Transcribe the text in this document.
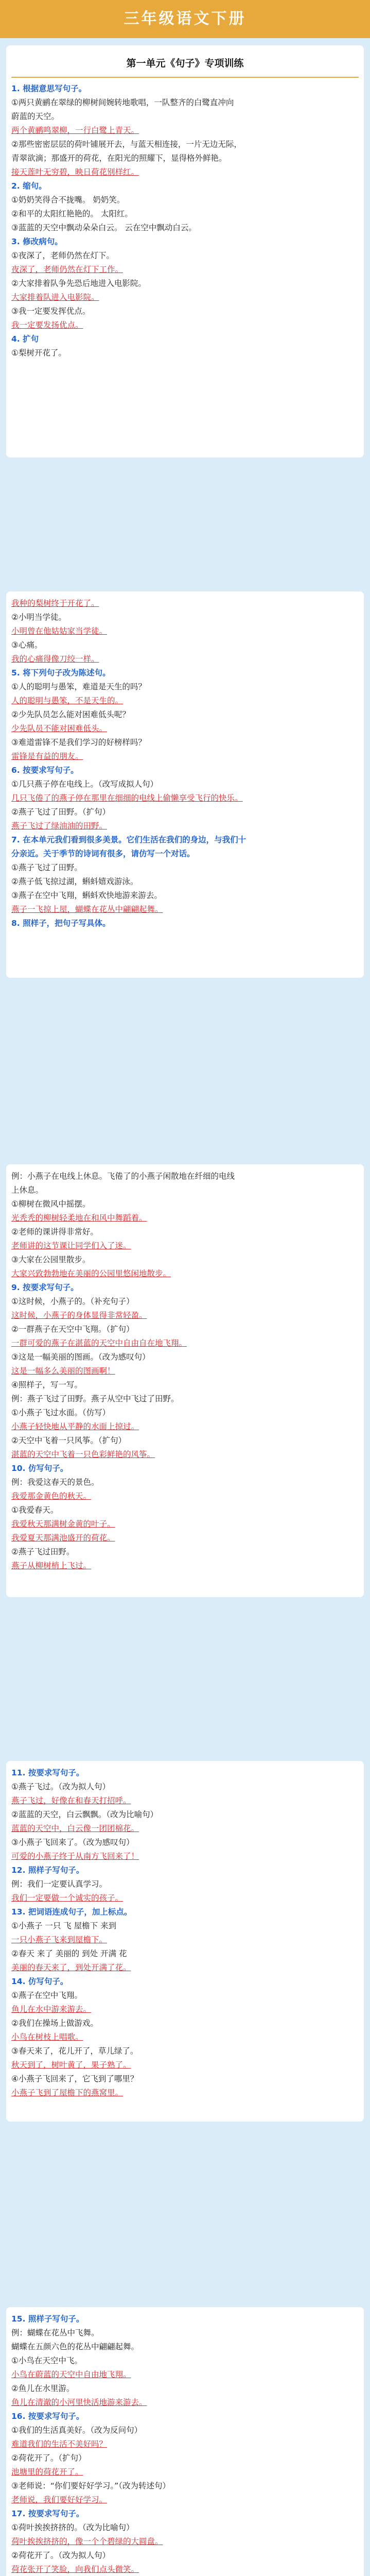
三年级语文下册
第一单元《句子》专项训练
1. 根据意思写句子。
①两只黄鹂在翠绿的柳树间婉转地歌唱，一队整齐的白鹭直冲向
蔚蓝的天空。
两个黄鹂鸣翠柳，一行白鹭上青天。
②那些密密层层的荷叶铺展开去，与蓝天相连接，一片无边无际，
青翠欲滴；那盛开的荷花，在阳光的照耀下，显得格外鲜艳。
接天莲叶无穷碧，映日荷花别样红。
2. 缩句。
①奶奶笑得合不拢嘴。 奶奶笑。
②和平的太阳红艳艳的。 太阳红。
③蓝蓝的天空中飘动朵朵白云。 云在空中飘动白云。
3. 修改病句。
①夜深了，老师仍然在灯下。
夜深了，老师仍然在灯下工作。
②大家排着队争先恐后地进入电影院。
大家排着队进入电影院。
③我一定要发挥优点。
我一定要发扬优点。
4. 扩句
①梨树开花了。
我种的梨树终于开花了。
②小明当学徒。
小明曾在他姑姑家当学徒。
③心痛。
我的心痛得像刀绞一样。
5. 将下列句子改为陈述句。
①人的聪明与愚笨，难道是天生的吗？
人的聪明与愚笨，不是天生的。
②少先队员怎么能对困难低头呢？
少先队员不能对困难低头。
③难道雷锋不是我们学习的好榜样吗？
雷锋是有益的朋友。
6. 按要求写句子。
①几只燕子停在电线上。（改写成拟人句）
几只飞倦了的燕子停在那里在细细的电线上偷懒享受飞行的快乐。
②燕子飞过了田野。（扩句）
燕子飞过了绿油油的田野。
7. 在本单元我们看到很多美景。它们生活在我们的身边，与我们十
分亲近。关于季节的诗词有很多，请仿写一个对话。
①燕子飞过了田野。
②燕子低飞掠过湖，蝌蚪嬉戏游泳。
③燕子在空中飞翔，蝌蚪欢快地游来游去。
燕子一飞掠上屋，蝴蝶在花丛中翩翩起舞。
8. 照样子，把句子写具体。
例：小燕子在电线上休息。飞倦了的小燕子闲散地在纤细的电线
上休息。
①柳树在微风中摇摆。
光秃秃的柳树轻柔地在和风中舞蹈着。
②老师的课讲得非常好。
老师讲的这节课让同学们入了迷。
③大家在公园里散步。
大家兴致勃勃地在美丽的公园里悠闲地散步。
9. 按要求写句子。
①这时候，小燕子的。（补充句子）
这时候，小燕子的身体显得非常轻盈。
②一群燕子在天空中飞翔。（扩句）
一群可爱的燕子在湛蓝的天空中自由自在地飞翔。
③这是一幅美丽的图画。（改为感叹句）
这是一幅多么美丽的图画啊！
④照样子，写一写。
例：燕子飞过了田野。燕子从空中飞过了田野。
①小燕子飞过水面。（仿写）
小燕子轻快地从平静的水面上掠过。
②天空中飞着一只风筝。（扩句）
湛蓝的天空中飞着一只色彩鲜艳的风筝。
10. 仿写句子。
例：我爱这春天的景色。
我爱那金黄色的秋天。
①我爱春天。
我爱秋天那满树金黄的叶子。
我爱夏天那满池盛开的荷花。
②燕子飞过田野。
燕子从柳树梢上飞过。
11. 按要求写句子。
①燕子飞过。（改为拟人句）
燕子飞过，好像在和春天打招呼。
②蓝蓝的天空，白云飘飘。（改为比喻句）
蓝蓝的天空中，白云像一团团棉花。
③小燕子飞回来了。（改为感叹句）
可爱的小燕子终于从南方飞回来了！
12. 照样子写句子。
例：我们一定要认真学习。
我们一定要做一个诚实的孩子。
13. 把词语连成句子，加上标点。
①小燕子 一只 飞 屋檐下 来到
一只小燕子飞来到屋檐下。
②春天 来了 美丽的 到处 开满 花
美丽的春天来了，到处开满了花。
14. 仿写句子。
①燕子在空中飞翔。
鱼儿在水中游来游去。
②我们在操场上做游戏。
小鸟在树枝上唱歌。
③春天来了，花儿开了，草儿绿了。
秋天到了，树叶黄了，果子熟了。
④小燕子飞回来了，它飞到了哪里？
小燕子飞到了屋檐下的燕窝里。
15. 照样子写句子。
例：蝴蝶在花丛中飞舞。
蝴蝶在五颜六色的花丛中翩翩起舞。
①小鸟在天空中飞。
小鸟在蔚蓝的天空中自由地飞翔。
②鱼儿在水里游。
鱼儿在清澈的小河里快活地游来游去。
16. 按要求写句子。
①我们的生活真美好。（改为反问句）
难道我们的生活不美好吗？
②荷花开了。（扩句）
池塘里的荷花开了。
③老师说：“你们要好好学习。”（改为转述句）
老师说，我们要好好学习。
17. 按要求写句子。
①荷叶挨挨挤挤的。（改为比喻句）
荷叶挨挨挤挤的，像一个个碧绿的大圆盘。
②荷花开了。（改为拟人句）
荷花张开了笑脸，向我们点头微笑。
